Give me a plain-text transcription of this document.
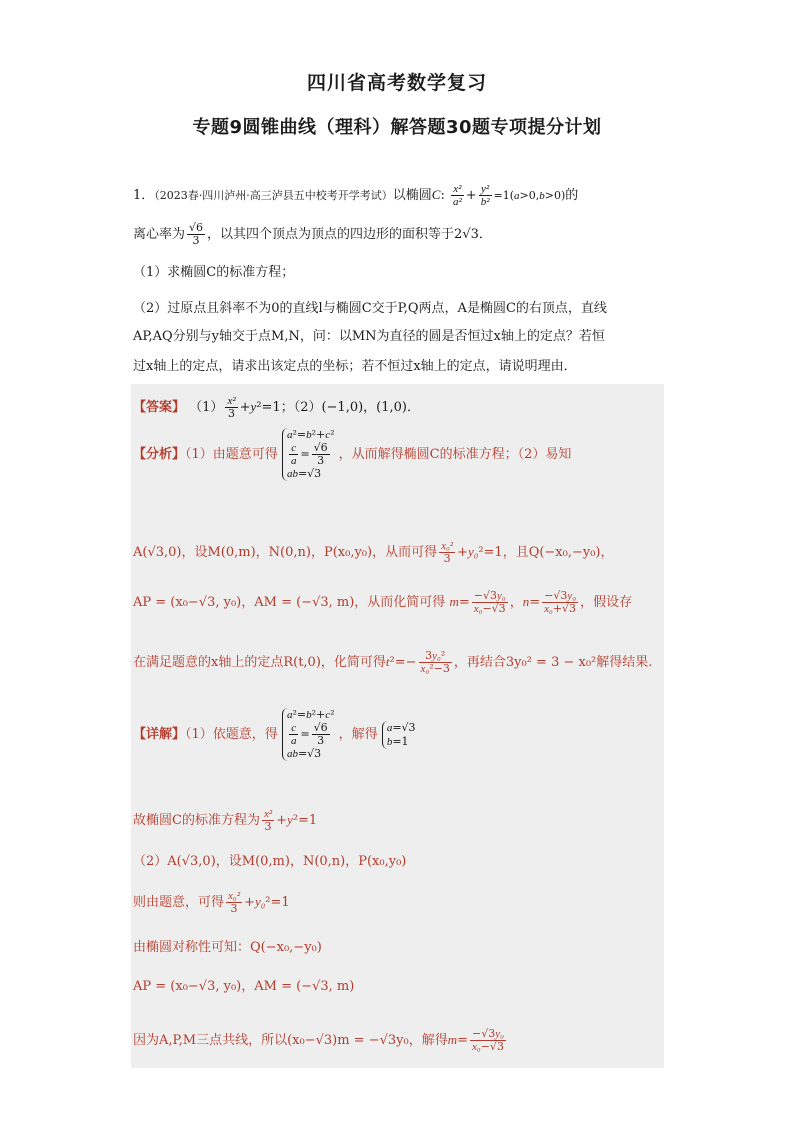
四川省高考数学复习
专题9圆锥曲线（理科）解答题30题专项提分计划
1．（2023春·四川泸州·高三泸县五中校考开学考试）以椭圆C: $\frac{\text{x²}}{\text{a²}} + \frac{\text{y²}}{\text{b²}} =1(a>0,b>0)$的
离心率为 $\frac{√6}{3}$ ，以其四个顶点为顶点的四边形的面积等于2√3．
（1）求椭圆C的标准方程；
（2）过原点且斜率不为0的直线l与椭圆C交于P,Q两点，A是椭圆C的右顶点，直线
AP,AQ分别与y轴交于点M,N，问：以MN为直径的圆是否恒过x轴上的定点？若恒
过x轴上的定点，请求出该定点的坐标；若不恒过x轴上的定点，请说明理由．
【答案】 $(1) \frac{\text{x²}}{3} +y^2=1$；（2）(−1,0)，(1,0)．
【分析】（1）由题意可得 a²=b²+c²

$\frac{c}{a} = \frac{√6}{3}$

ab=√3 ，从而解得椭圆C的标准方程；（2）易知
A(√3,0)，设M(0,m)，N(0,n)，P(x₀,y₀)，从而可得 $\frac{\text{x₀²}}{3} +y_0^2=1$，且Q(−x₀,−y₀)，
AP = (x₀−√3, y₀)，AM = (−√3, m)，从而化简可得 $m= \frac{\text{−√3y₀}}{\text{x₀−√3}}$ ，$n= \frac{\text{−√3y₀}}{\text{x₀+√3}}$ ，假设存
在满足题意的x轴上的定点R(t,0)，化简可得$t^2=- \frac{\text{3y₀²}}{\text{x₀²−3}}$ ，再结合3y₀² = 3 − x₀²解得结果.
【详解】（1）依题意，得 a²=b²+c²

$\frac{c}{a} = \frac{√6}{3}$

ab=√3 ，解得 a=√3
b=1
故椭圆C的标准方程为 $\frac{\text{x²}}{3} +y^2=1$
（2）A(√3,0)，设M(0,m)，N(0,n)，P(x₀,y₀)
则由题意，可得 $\frac{\text{x₀²}}{3} +y_0^2=1$
由椭圆对称性可知：Q(−x₀,−y₀)
AP = (x₀−√3, y₀)，AM = (−√3, m)
因为A,P,M三点共线，所以(x₀−√3)m = −√3y₀，解得$m= \frac{\text{−√3y₀}}{\text{x₀−√3}}$
